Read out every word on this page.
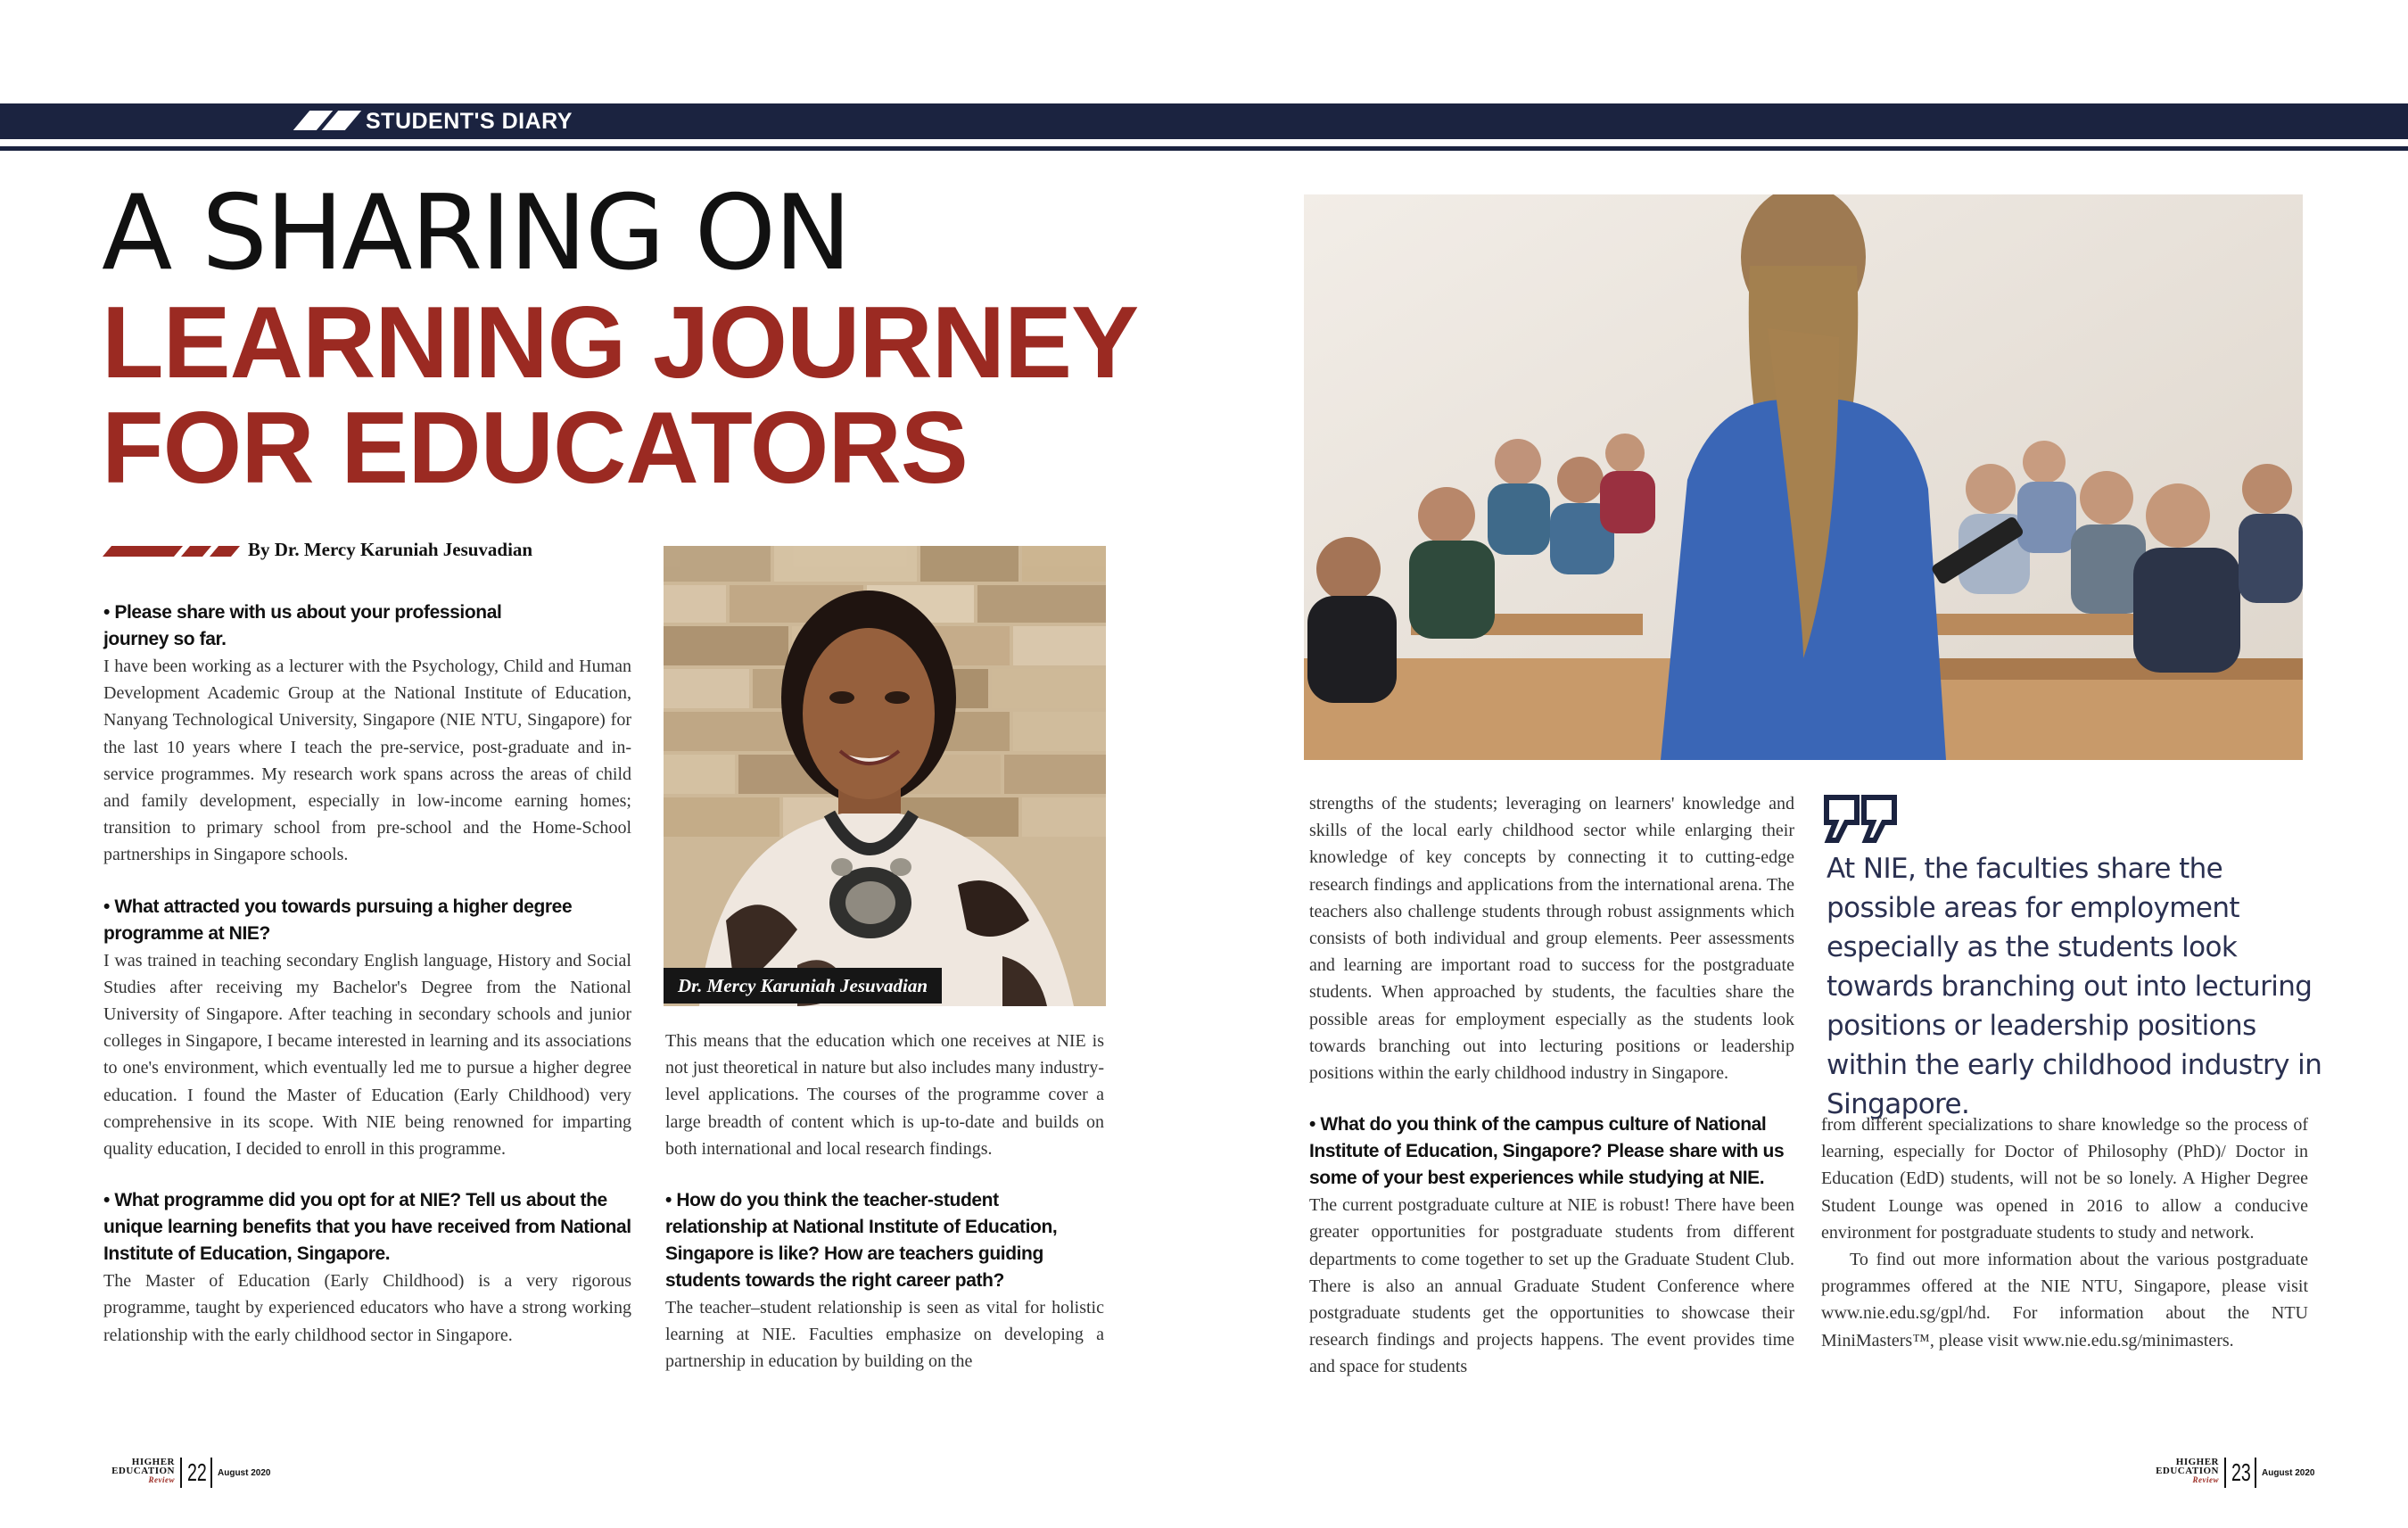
STUDENT'S DIARY
A SHARING ON
LEARNING JOURNEY
FOR EDUCATORS
By Dr. Mercy Karuniah Jesuvadian

• Please share with us about your professional journey so far.

I have been working as a lecturer with the Psychology, Child and Human Development Academic Group at the National Institute of Education, Nanyang Technological University, Singapore (NIE NTU, Singapore) for the last 10 years where I teach the pre-service, post-graduate and in-service programmes. My research work spans across the areas of child and family development, especially in low-income earning homes; transition to primary school from pre-school and the Home-School partnerships in Singapore schools.

• What attracted you towards pursuing a higher degree programme at NIE?

I was trained in teaching secondary English language, History and Social Studies after receiving my Bachelor's Degree from the National University of Singapore. After teaching in secondary schools and junior colleges in Singapore, I became interested in learning and its associations to one's environment, which eventually led me to pursue a higher degree education. I found the Master of Education (Early Childhood) very comprehensive in its scope. With NIE being renowned for imparting quality education, I decided to enroll in this programme.

• What programme did you opt for at NIE? Tell us about the unique learning benefits that you have received from National Institute of Education, Singapore.

The Master of Education (Early Childhood) is a very rigorous programme, taught by experienced educators who have a strong working relationship with the early childhood sector in Singapore.

Dr. Mercy Karuniah Jesuvadian

This means that the education which one receives at NIE is not just theoretical in nature but also includes many industry-level applications. The courses of the programme cover a large breadth of content which is up-to-date and builds on both international and local research findings.

• How do you think the teacher-student relationship at National Institute of Education, Singapore is like? How are teachers guiding students towards the right career path?

The teacher–student relationship is seen as vital for holistic learning at NIE. Faculties emphasize on developing a partnership in education by building on the

strengths of the students; leveraging on learners' knowledge and skills of the local early childhood sector while enlarging their knowledge of key concepts by connecting it to cutting-edge research findings and applications from the international arena. The teachers also challenge students through robust assignments which consists of both individual and group elements. Peer assessments and learning are important road to success for the postgraduate students. When approached by students, the faculties share the possible areas for employment especially as the students look towards branching out into lecturing positions or leadership positions within the early childhood industry in Singapore.

• What do you think of the campus culture of National Institute of Education, Singapore? Please share with us some of your best experiences while studying at NIE.

The current postgraduate culture at NIE is robust! There have been greater opportunities for postgraduate students from different departments to come together to set up the Graduate Student Club. There is also an annual Graduate Student Conference where postgraduate students get the opportunities to showcase their research findings and projects happens. The event provides time and space for students

At NIE, the faculties share the possible areas for employment especially as the students look towards branching out into lecturing positions or leadership positions within the early childhood industry in Singapore.

from different specializations to share knowledge so the process of learning, especially for Doctor of Philosophy (PhD)/ Doctor in Education (EdD) students, will not be so lonely. A Higher Degree Student Lounge was opened in 2016 to allow a conducive environment for postgraduate students to study and network.

To find out more information about the various postgraduate programmes offered at the NIE NTU, Singapore, please visit www.nie.edu.sg/gpl/hd. For information about the NTU MiniMasters™, please visit www.nie.edu.sg/minimasters.

HIGHER
EDUCATION
Review 22 August 2020
HIGHER
EDUCATION
Review 23 August 2020
